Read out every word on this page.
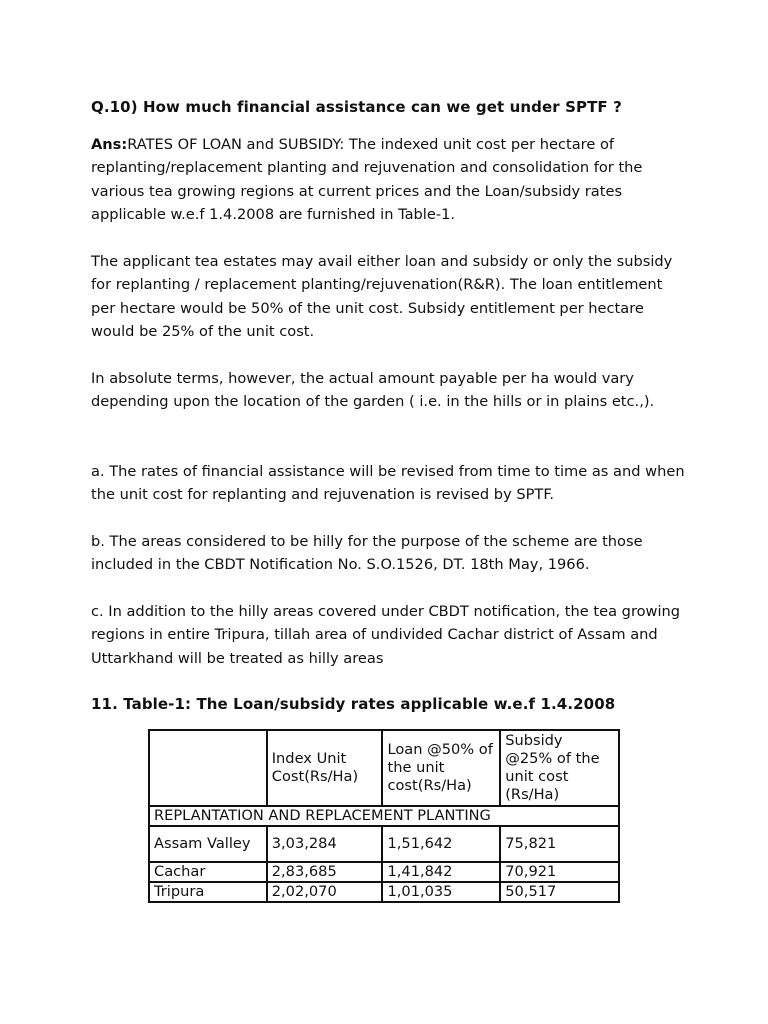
Q.10) How much financial assistance can we get under SPTF ?
Ans:RATES OF LOAN and SUBSIDY: The indexed unit cost per hectare of replanting/replacement planting and rejuvenation and consolidation for the various tea growing regions at current prices and the Loan/subsidy rates applicable w.e.f 1.4.2008 are furnished in Table-1.
The applicant tea estates may avail either loan and subsidy or only the subsidy for replanting / replacement planting/rejuvenation(R&R). The loan entitlement per hectare would be 50% of the unit cost. Subsidy entitlement per hectare would be 25% of the unit cost.
In absolute terms, however, the actual amount payable per ha would vary depending upon the location of the garden ( i.e. in the hills or in plains etc.,).
a. The rates of financial assistance will be revised from time to time as and when the unit cost for replanting and rejuvenation is revised by SPTF.
b. The areas considered to be hilly for the purpose of the scheme are those included in the CBDT Notification No. S.O.1526, DT. 18th May, 1966.
c. In addition to the hilly areas covered under CBDT notification, the tea growing regions in entire Tripura, tillah area of undivided Cachar district of Assam and Uttarkhand will be treated as hilly areas
11. Table-1: The Loan/subsidy rates applicable w.e.f 1.4.2008
	Index Unit Cost(Rs/Ha)	Loan @50% of the unit cost(Rs/Ha)	Subsidy @25% of the unit cost (Rs/Ha)
REPLANTATION AND REPLACEMENT PLANTING			
Assam Valley	3,03,284	1,51,642	75,821
Cachar	2,83,685	1,41,842	70,921
Tripura	2,02,070	1,01,035	50,517
